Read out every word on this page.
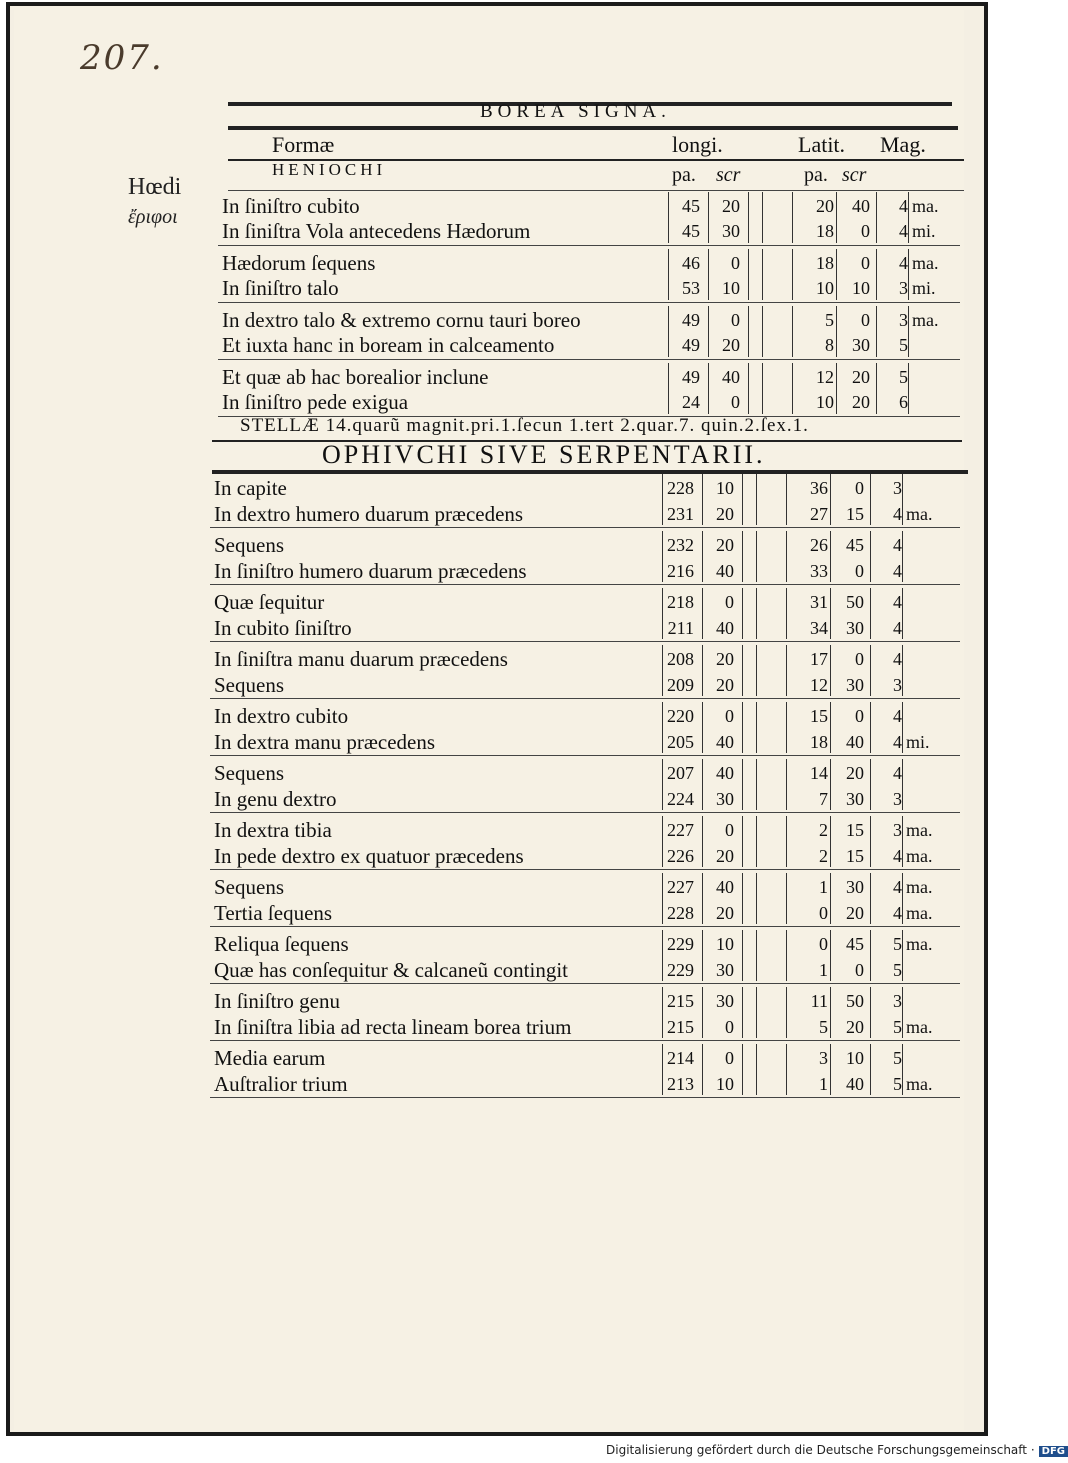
207.
Hœdi
ἔριφοι
BOREA SIGNA.
Formæ	longi.	Latit. Mag.
HENIOCHI	pa. scr	pa. scr
STELLÆ 14.quarũ magnit.pri.1.ſecun 1.tert 2.quar.7. quin.2.ſex.1.
OPHIVCHI SIVE SERPENTARII.
In ſiniſtro cubito	45	20	20	40	4 ma.
In ſiniſtra Vola antecedens Hædorum	45	30	18	0	4 mi.
Hædorum ſequens	46	0	18	0	4 ma.
In ſiniſtro talo	53	10	10	10	3 mi.
In dextro talo & extremo cornu tauri boreo	49	0	5	0	3 ma.
Et iuxta hanc in boream in calceamento	49	20	8	30	5
Et quæ ab hac borealior inclune	49	40	12	20	5
In ſiniſtro pede exigua	24	0	10	20	6
In capite	228	10	36	0	3
In dextro humero duarum præcedens	231	20	27	15	4 ma.
Sequens	232	20	26	45	4
In ſiniſtro humero duarum præcedens	216	40	33	0	4
Quæ ſequitur	218	0	31	50	4
In cubito ſiniſtro	211	40	34	30	4
In ſiniſtra manu duarum præcedens	208	20	17	0	4
Sequens	209	20	12	30	3
In dextro cubito	220	0	15	0	4
In dextra manu præcedens	205	40	18	40	4 mi.
Sequens	207	40	14	20	4
In genu dextro	224	30	7	30	3
In dextra tibia	227	0	2	15	3 ma.
In pede dextro ex quatuor præcedens	226	20	2	15	4 ma.
Sequens	227	40	1	30	4 ma.
Tertia ſequens	228	20	0	20	4 ma.
Reliqua ſequens	229	10	0	45	5 ma.
Quæ has conſequitur & calcaneũ contingit	229	30	1	0	5
In ſiniſtro genu	215	30	11	50	3
In ſiniſtra libia ad recta lineam borea trium	215	0	5	20	5 ma.
Media earum	214	0	3	10	5
Auſtralior trium	213	10	1	40	5 ma.
Digitalisierung gefördert durch die Deutsche Forschungsgemeinschaft · DFG
